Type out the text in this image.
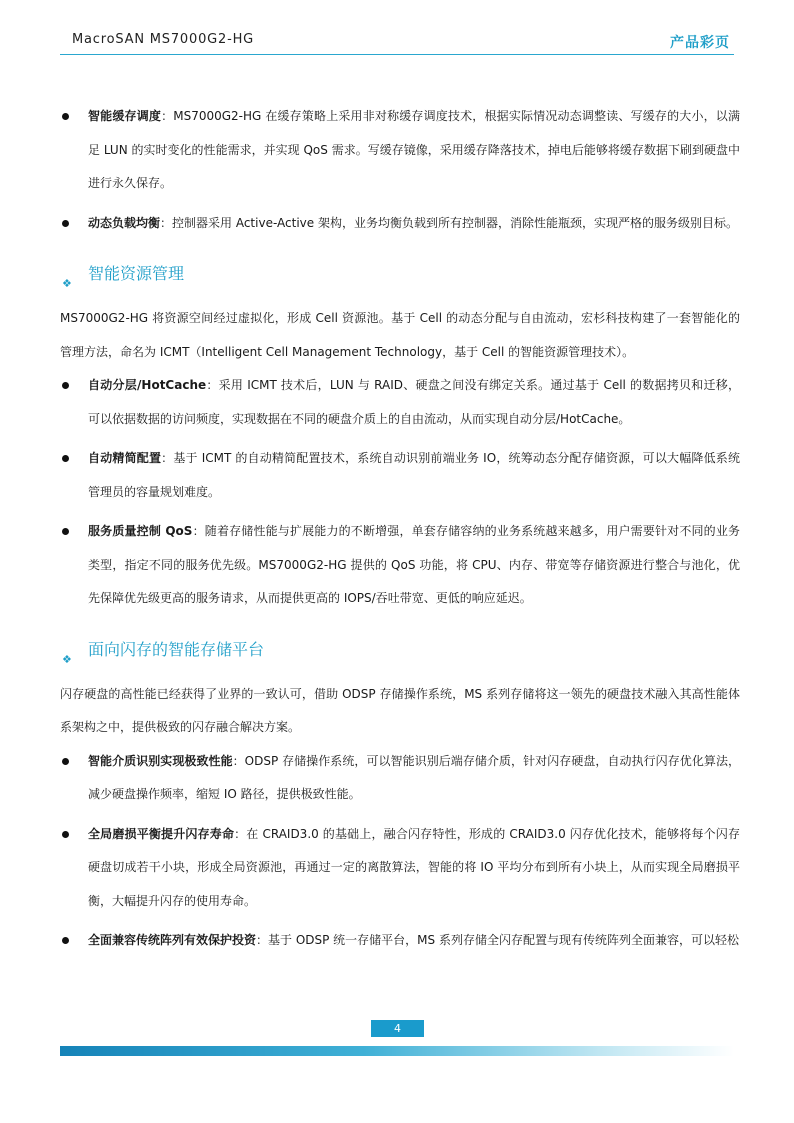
MacroSAN MS7000G2-HG	产品彩页
智能缓存调度：MS7000G2-HG 在缓存策略上采用非对称缓存调度技术，根据实际情况动态调整读、写缓存的大小，以满足 LUN 的实时变化的性能需求，并实现 QoS 需求。写缓存镜像，采用缓存降落技术，掉电后能够将缓存数据下刷到硬盘中进行永久保存。
动态负载均衡：控制器采用 Active-Active 架构，业务均衡负载到所有控制器，消除性能瓶颈，实现严格的服务级别目标。
❖
智能资源管理
MS7000G2-HG 将资源空间经过虚拟化，形成 Cell 资源池。基于 Cell 的动态分配与自由流动，宏杉科技构建了一套智能化的管理方法，命名为 ICMT（Intelligent Cell Management Technology，基于 Cell 的智能资源管理技术）。
自动分层/HotCache：采用 ICMT 技术后，LUN 与 RAID、硬盘之间没有绑定关系。通过基于 Cell 的数据拷贝和迁移，可以依据数据的访问频度，实现数据在不同的硬盘介质上的自由流动，从而实现自动分层/HotCache。
自动精简配置：基于 ICMT 的自动精简配置技术，系统自动识别前端业务 IO，统筹动态分配存储资源，可以大幅降低系统管理员的容量规划难度。
服务质量控制 QoS：随着存储性能与扩展能力的不断增强，单套存储容纳的业务系统越来越多，用户需要针对不同的业务类型，指定不同的服务优先级。MS7000G2-HG 提供的 QoS 功能，将 CPU、内存、带宽等存储资源进行整合与池化，优先保障优先级更高的服务请求，从而提供更高的 IOPS/吞吐带宽、更低的响应延迟。
❖
面向闪存的智能存储平台
闪存硬盘的高性能已经获得了业界的一致认可，借助 ODSP 存储操作系统，MS 系列存储将这一领先的硬盘技术融入其高性能体系架构之中，提供极致的闪存融合解决方案。
智能介质识别实现极致性能：ODSP 存储操作系统，可以智能识别后端存储介质，针对闪存硬盘，自动执行闪存优化算法，减少硬盘操作频率，缩短 IO 路径，提供极致性能。
全局磨损平衡提升闪存寿命：在 CRAID3.0 的基础上，融合闪存特性，形成的 CRAID3.0 闪存优化技术，能够将每个闪存硬盘切成若干小块，形成全局资源池，再通过一定的离散算法，智能的将 IO 平均分布到所有小块上，从而实现全局磨损平衡，大幅提升闪存的使用寿命。
全面兼容传统阵列有效保护投资：基于 ODSP 统一存储平台，MS 系列存储全闪存配置与现有传统阵列全面兼容，可以轻松
4
